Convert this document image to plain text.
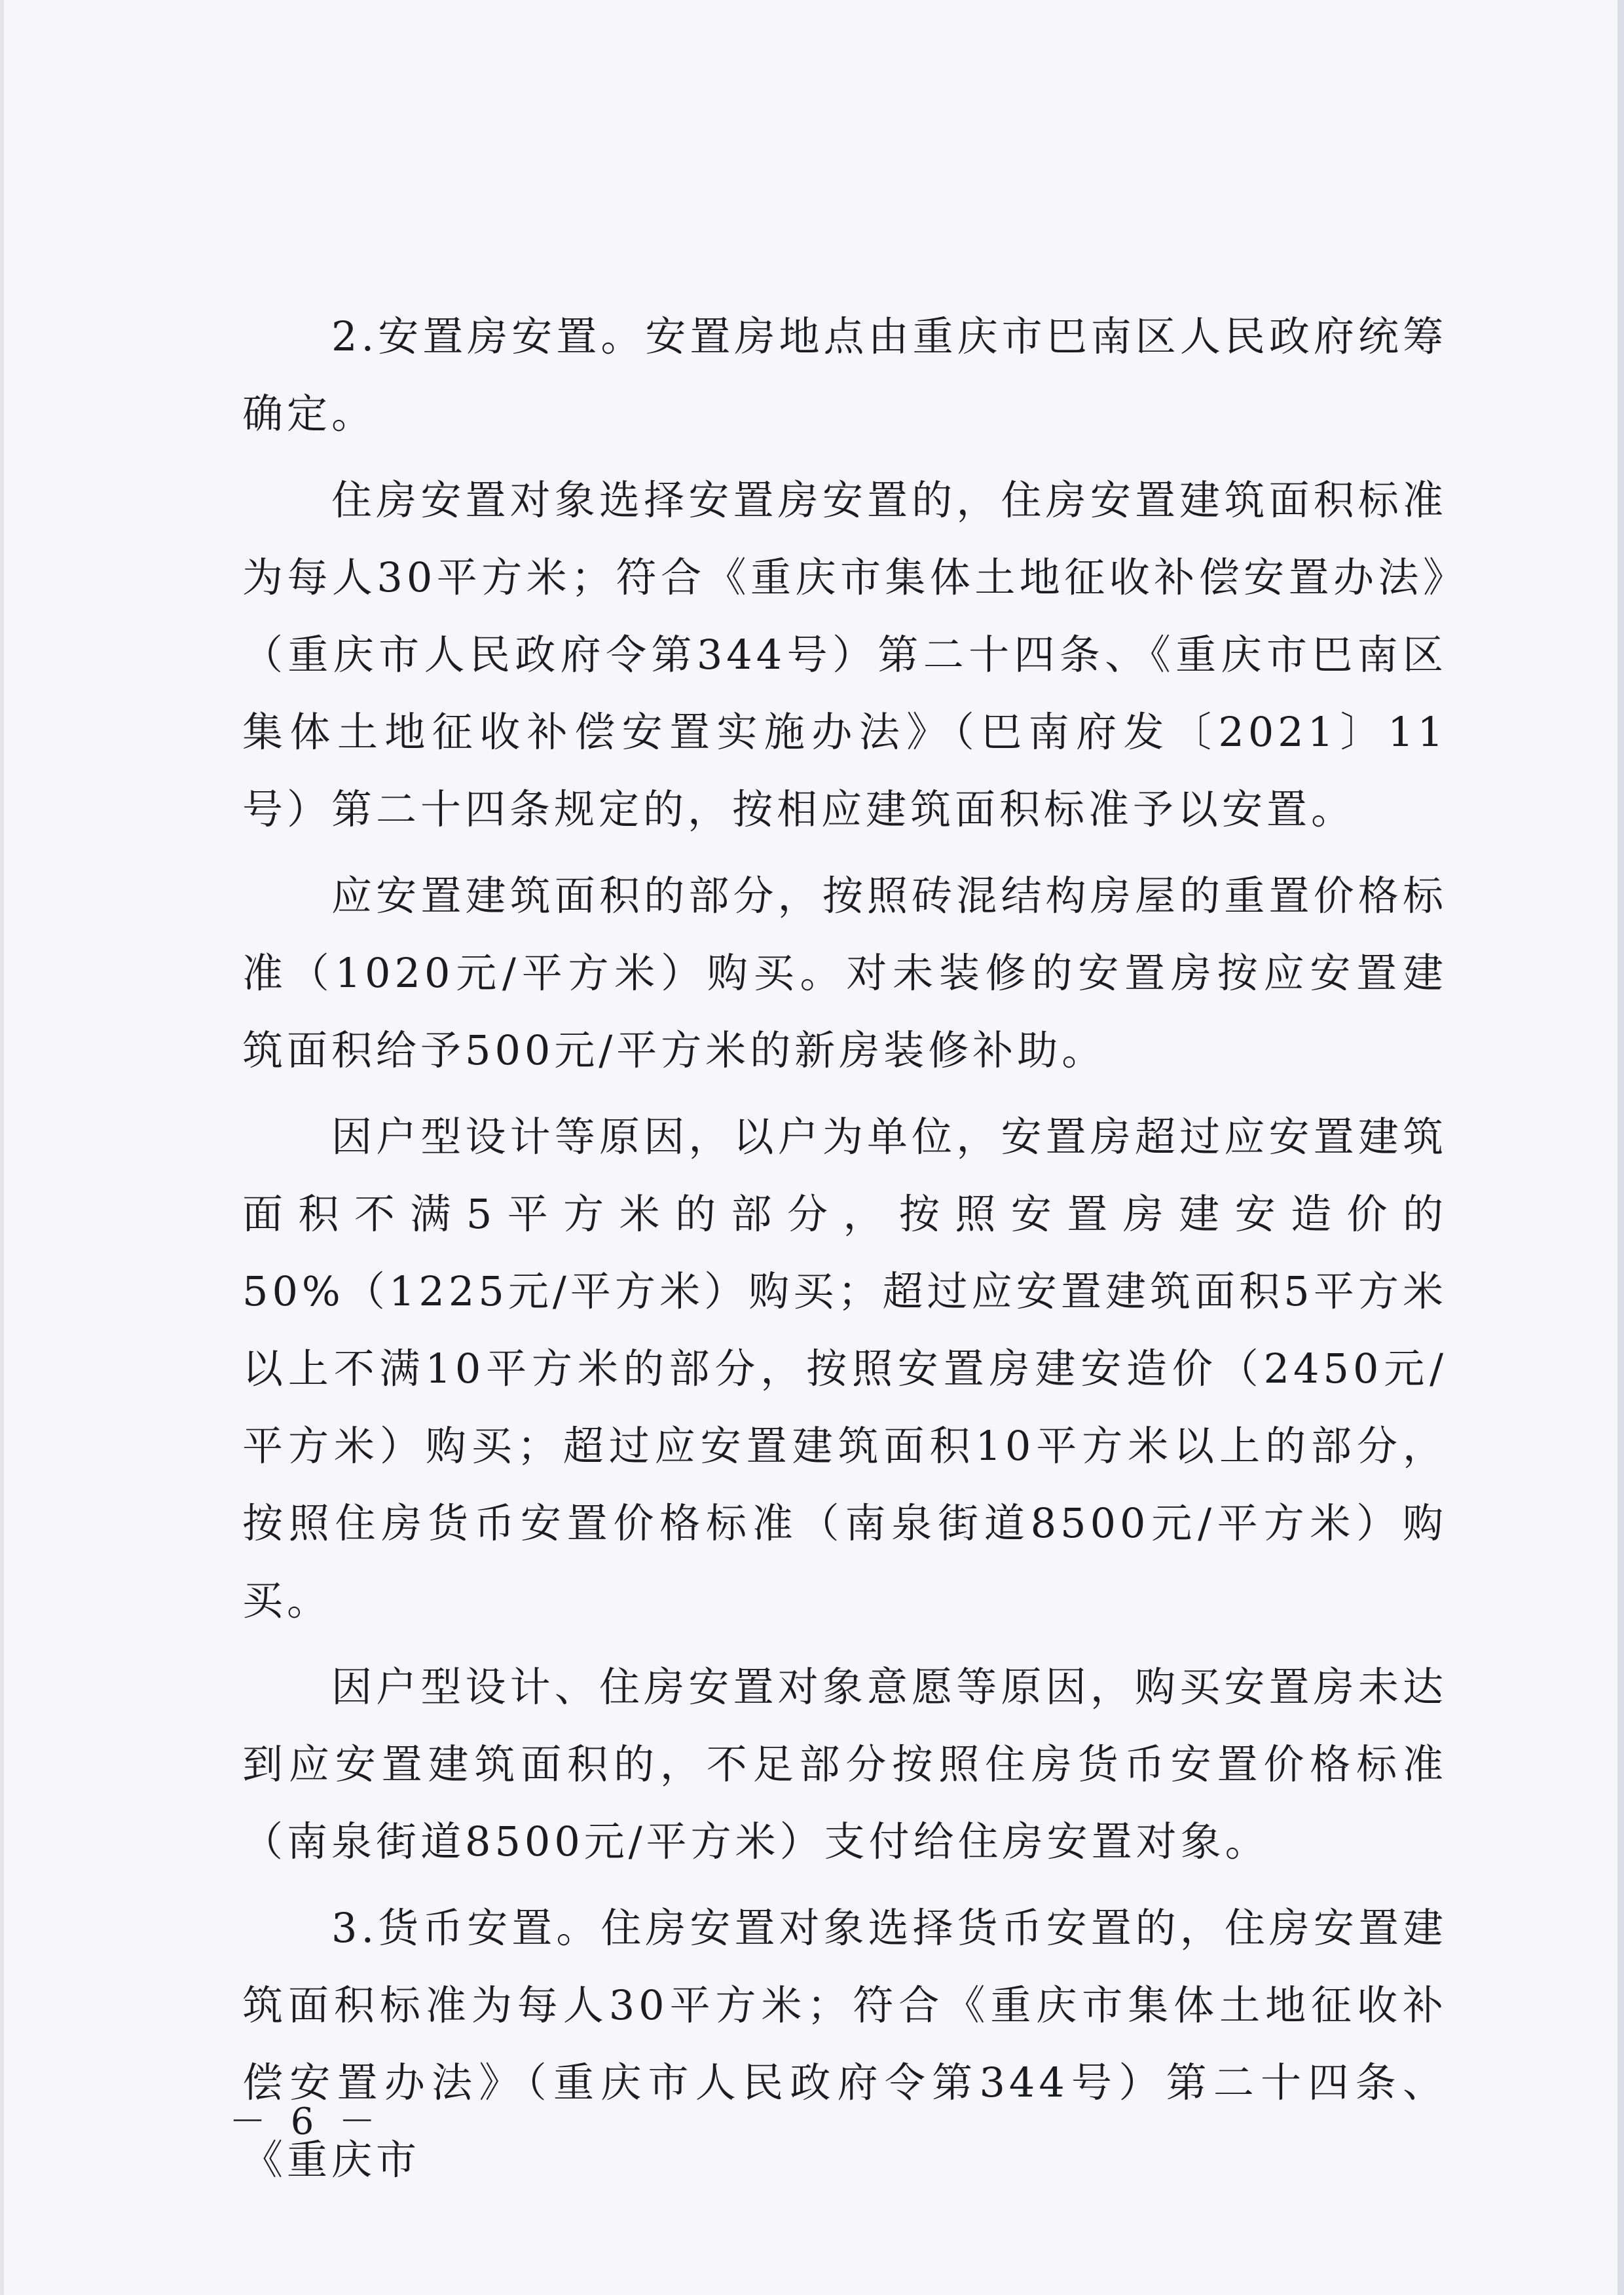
2.安置房安置。安置房地点由重庆市巴南区人民政府统筹确定。

住房安置对象选择安置房安置的，住房安置建筑面积标准为每人30平方米；符合《重庆市集体土地征收补偿安置办法》（重庆市人民政府令第344号）第二十四条、《重庆市巴南区集体土地征收补偿安置实施办法》（巴南府发〔2021〕11号）第二十四条规定的，按相应建筑面积标准予以安置。

应安置建筑面积的部分，按照砖混结构房屋的重置价格标准（1020元/平方米）购买。对未装修的安置房按应安置建筑面积给予500元/平方米的新房装修补助。

因户型设计等原因，以户为单位，安置房超过应安置建筑面积不满5平方米的部分，按照安置房建安造价的50%（1225元/平方米）购买；超过应安置建筑面积5平方米以上不满10平方米的部分，按照安置房建安造价（2450元/平方米）购买；超过应安置建筑面积10平方米以上的部分，按照住房货币安置价格标准（南泉街道8500元/平方米）购买。

因户型设计、住房安置对象意愿等原因，购买安置房未达到应安置建筑面积的，不足部分按照住房货币安置价格标准（南泉街道8500元/平方米）支付给住房安置对象。

3.货币安置。住房安置对象选择货币安置的，住房安置建筑面积标准为每人30平方米；符合《重庆市集体土地征收补偿安置办法》（重庆市人民政府令第344号）第二十四条、《重庆市

－ 6 －
